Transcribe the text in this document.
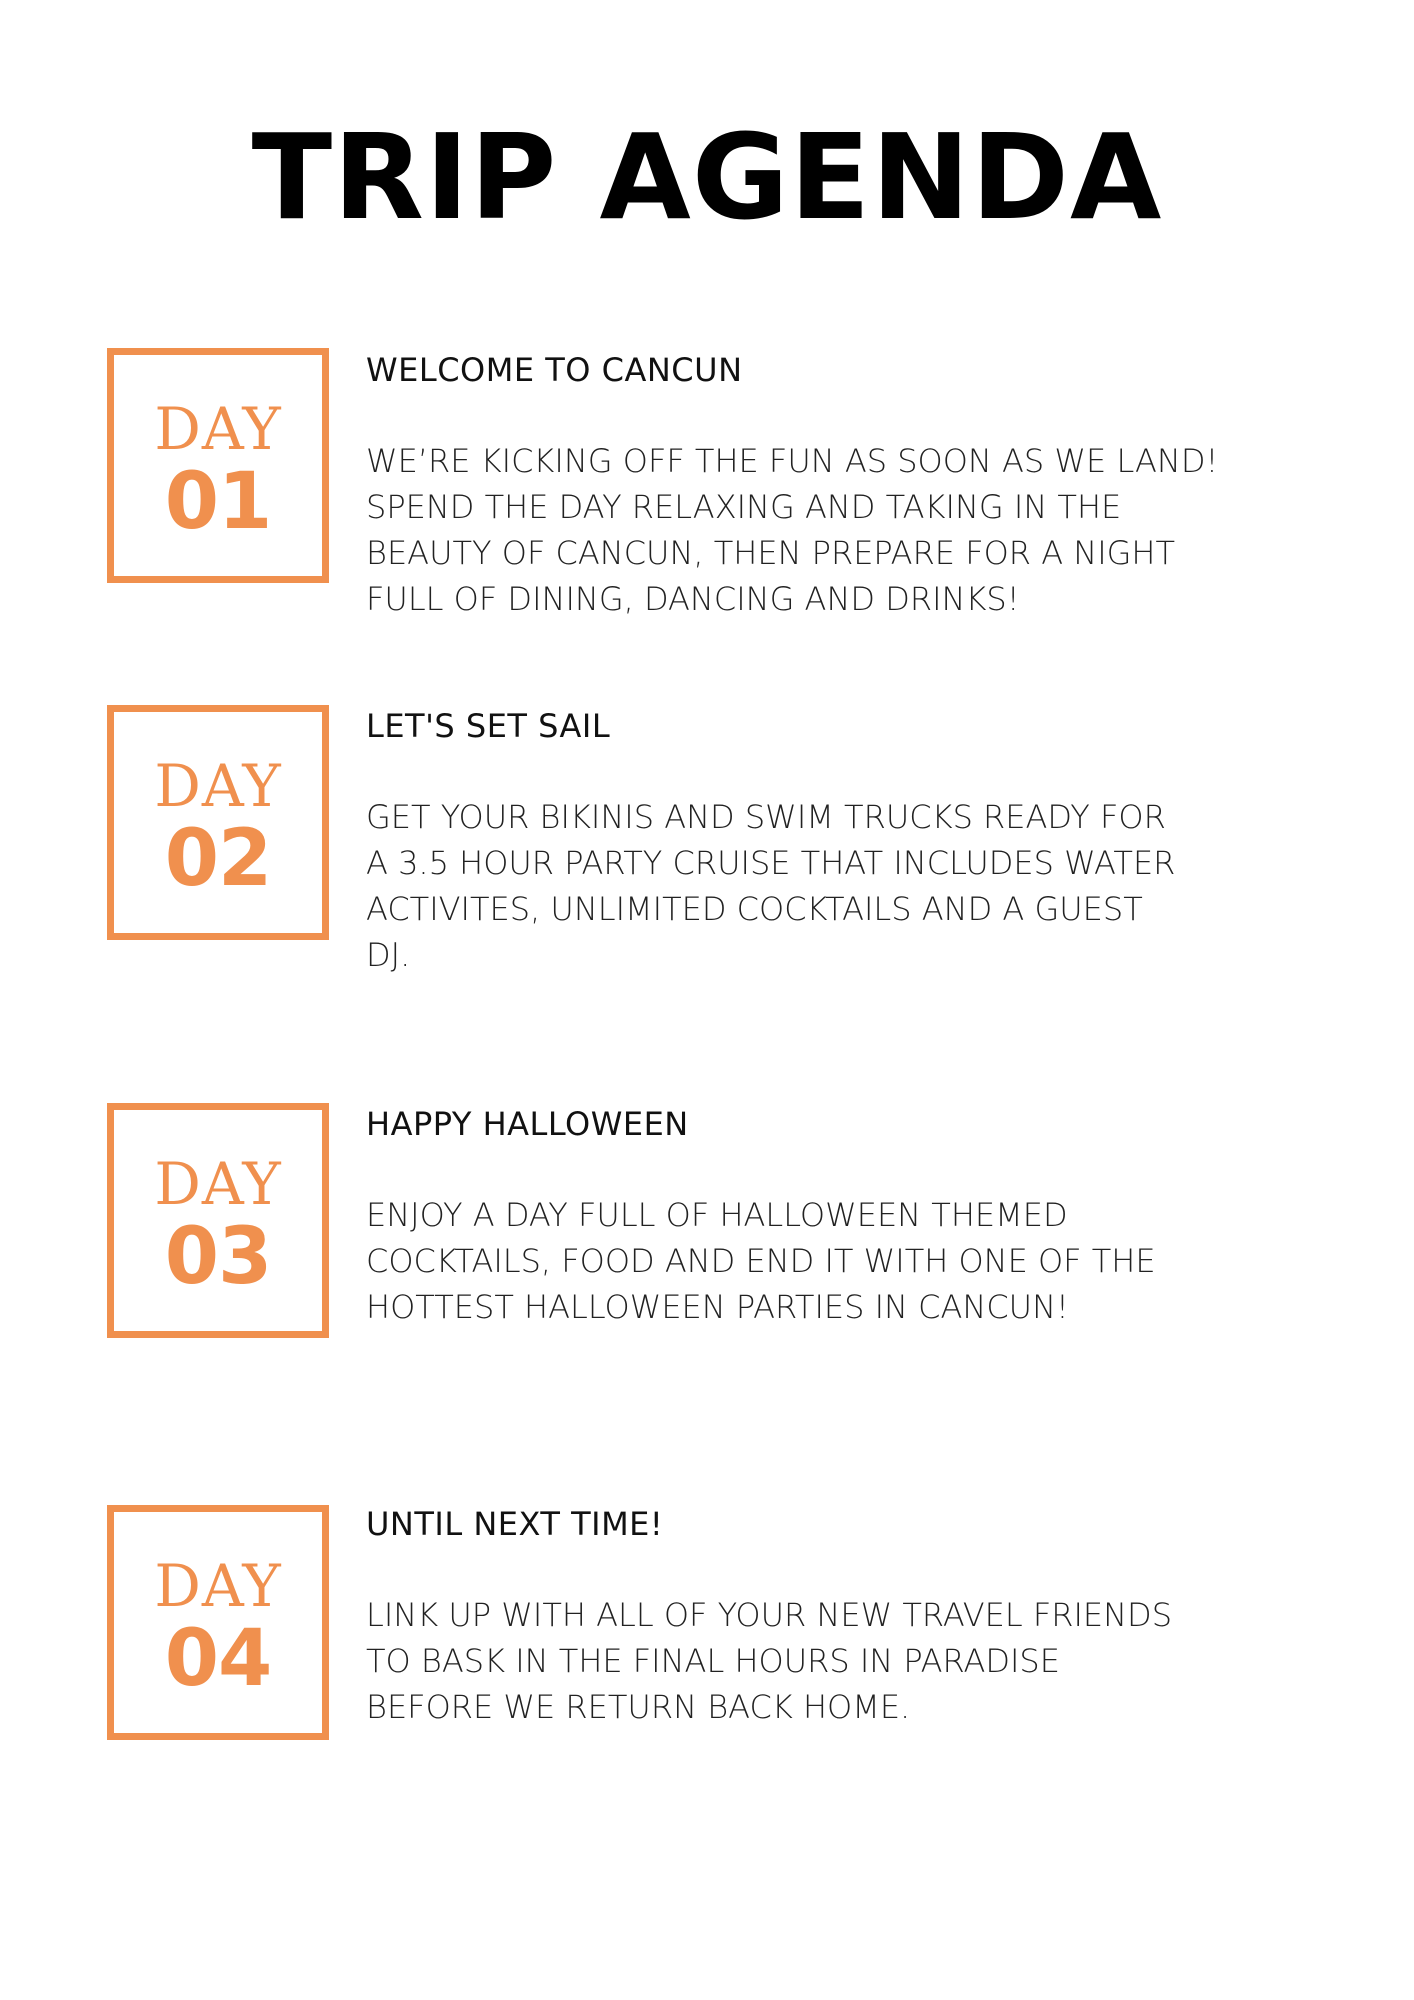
TRIP AGENDA
DAY
01
WELCOME TO CANCUN
WE’RE KICKING OFF THE FUN AS SOON AS WE LAND!
SPEND THE DAY RELAXING AND TAKING IN THE
BEAUTY OF CANCUN, THEN PREPARE FOR A NIGHT
FULL OF DINING, DANCING AND DRINKS!
DAY
02
LET'S SET SAIL
GET YOUR BIKINIS AND SWIM TRUCKS READY FOR
A 3.5 HOUR PARTY CRUISE THAT INCLUDES WATER
ACTIVITES, UNLIMITED COCKTAILS AND A GUEST
DJ.
DAY
03
HAPPY HALLOWEEN
ENJOY A DAY FULL OF HALLOWEEN THEMED
COCKTAILS, FOOD AND END IT WITH ONE OF THE
HOTTEST HALLOWEEN PARTIES IN CANCUN!
DAY
04
UNTIL NEXT TIME!
LINK UP WITH ALL OF YOUR NEW TRAVEL FRIENDS
TO BASK IN THE FINAL HOURS IN PARADISE
BEFORE WE RETURN BACK HOME.
